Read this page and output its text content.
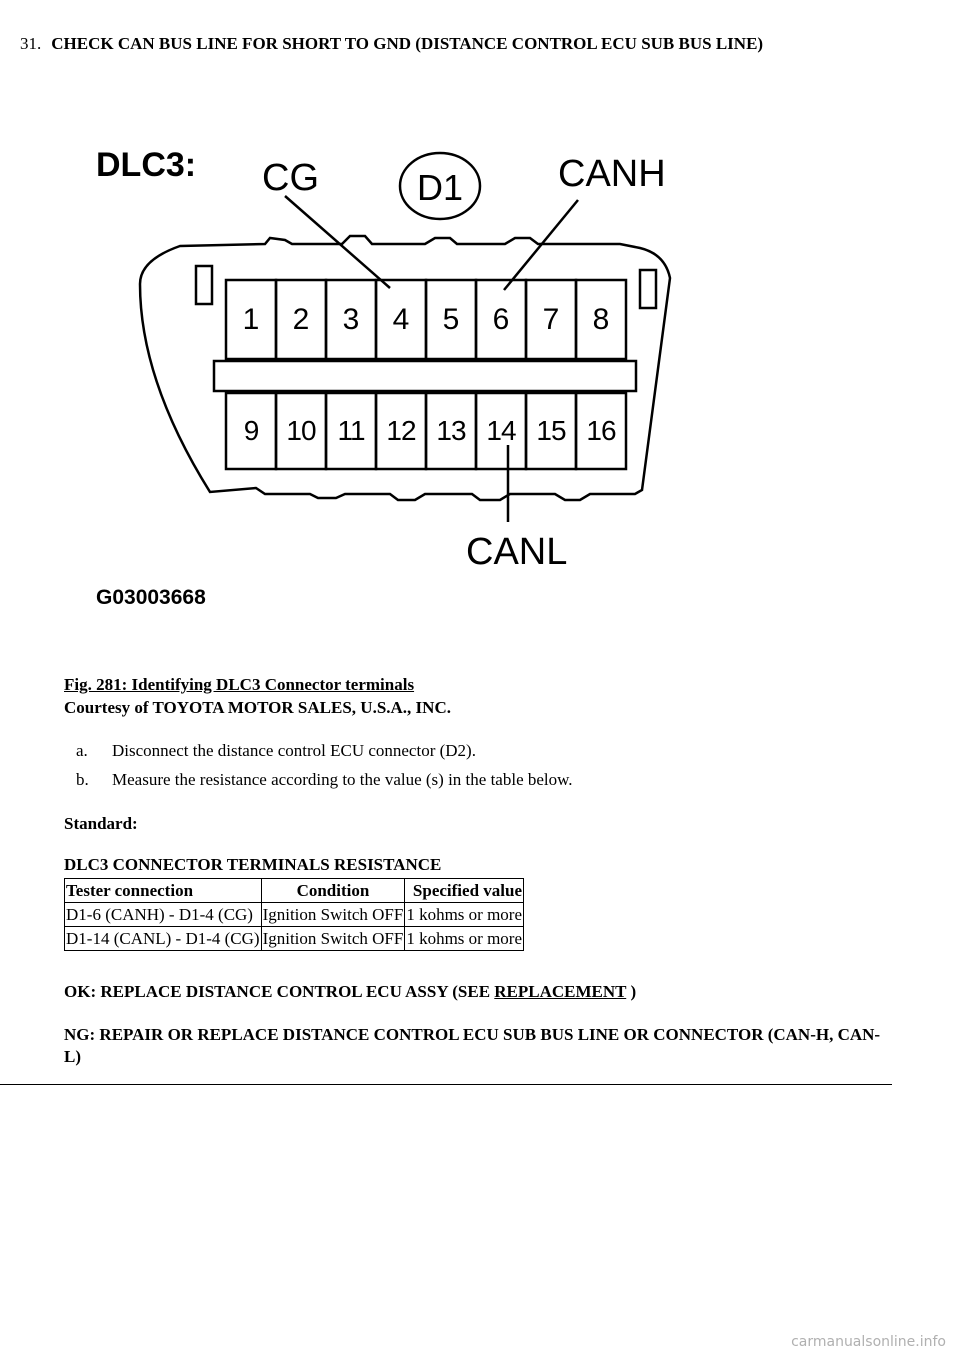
31. CHECK CAN BUS LINE FOR SHORT TO GND (DISTANCE CONTROL ECU SUB BUS LINE)
1 2 3 4 5 6 7 8
9 10 11 12 13 14 15 16
DLC3: CG	D1 CANH
CANL
G03003668
Fig. 281: Identifying DLC3 Connector terminals
Courtesy of TOYOTA MOTOR SALES, U.S.A., INC.
a. Disconnect the distance control ECU connector (D2).
b. Measure the resistance according to the value (s) in the table below.
Standard:
DLC3 CONNECTOR TERMINALS RESISTANCE
Tester connection	Condition	Specified value
D1-6 (CANH) - D1-4 (CG)	Ignition Switch OFF	1 kohms or more
D1-14 (CANL) - D1-4 (CG)	Ignition Switch OFF	1 kohms or more
OK: REPLACE DISTANCE CONTROL ECU ASSY (SEE REPLACEMENT )
NG: REPAIR OR REPLACE DISTANCE CONTROL ECU SUB BUS LINE OR CONNECTOR (CAN-H, CAN-L)
carmanualsonline.info
